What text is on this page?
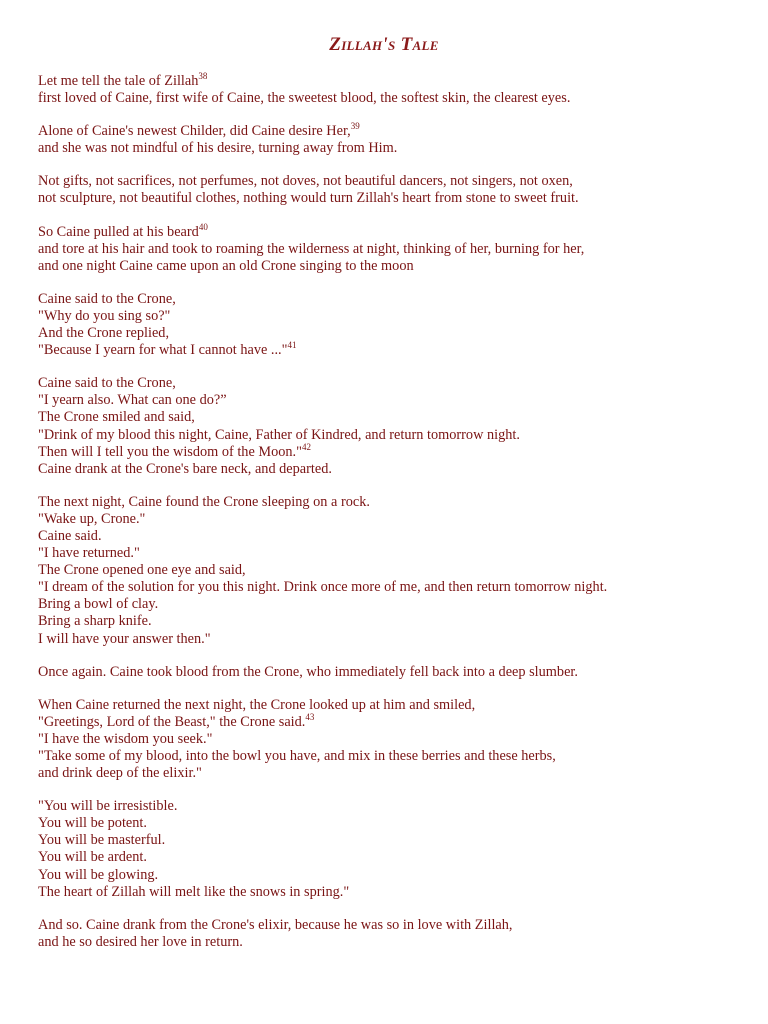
Zillah's Tale
Let me tell the tale of Zillah$^{38}$
first loved of Caine, first wife of Caine, the sweetest blood, the softest skin, the clearest eyes.
Alone of Caine's newest Childer, did Caine desire Her,$^{39}$
and she was not mindful of his desire, turning away from Him.
Not gifts, not sacrifices, not perfumes, not doves, not beautiful dancers, not singers, not oxen,
not sculpture, not beautiful clothes, nothing would turn Zillah's heart from stone to sweet fruit.
So Caine pulled at his beard$^{40}$
and tore at his hair and took to roaming the wilderness at night, thinking of her, burning for her,
and one night Caine came upon an old Crone singing to the moon
Caine said to the Crone,
"Why do you sing so?"
And the Crone replied,
"Because I yearn for what I cannot have ..."$^{41}$
Caine said to the Crone,
"I yearn also. What can one do?”
The Crone smiled and said,
"Drink of my blood this night, Caine, Father of Kindred, and return tomorrow night.
Then will I tell you the wisdom of the Moon."$^{42}$
Caine drank at the Crone's bare neck, and departed.
The next night, Caine found the Crone sleeping on a rock.
"Wake up, Crone."
Caine said.
"I have returned."
The Crone opened one eye and said,
"I dream of the solution for you this night. Drink once more of me, and then return tomorrow night.
Bring a bowl of clay.
Bring a sharp knife.
I will have your answer then."
Once again. Caine took blood from the Crone, who immediately fell back into a deep slumber.
When Caine returned the next night, the Crone looked up at him and smiled,
"Greetings, Lord of the Beast," the Crone said.$^{43}$
"I have the wisdom you seek."
"Take some of my blood, into the bowl you have, and mix in these berries and these herbs,
and drink deep of the elixir."
"You will be irresistible.
You will be potent.
You will be masterful.
You will be ardent.
You will be glowing.
The heart of Zillah will melt like the snows in spring."
And so. Caine drank from the Crone's elixir, because he was so in love with Zillah,
and he so desired her love in return.
